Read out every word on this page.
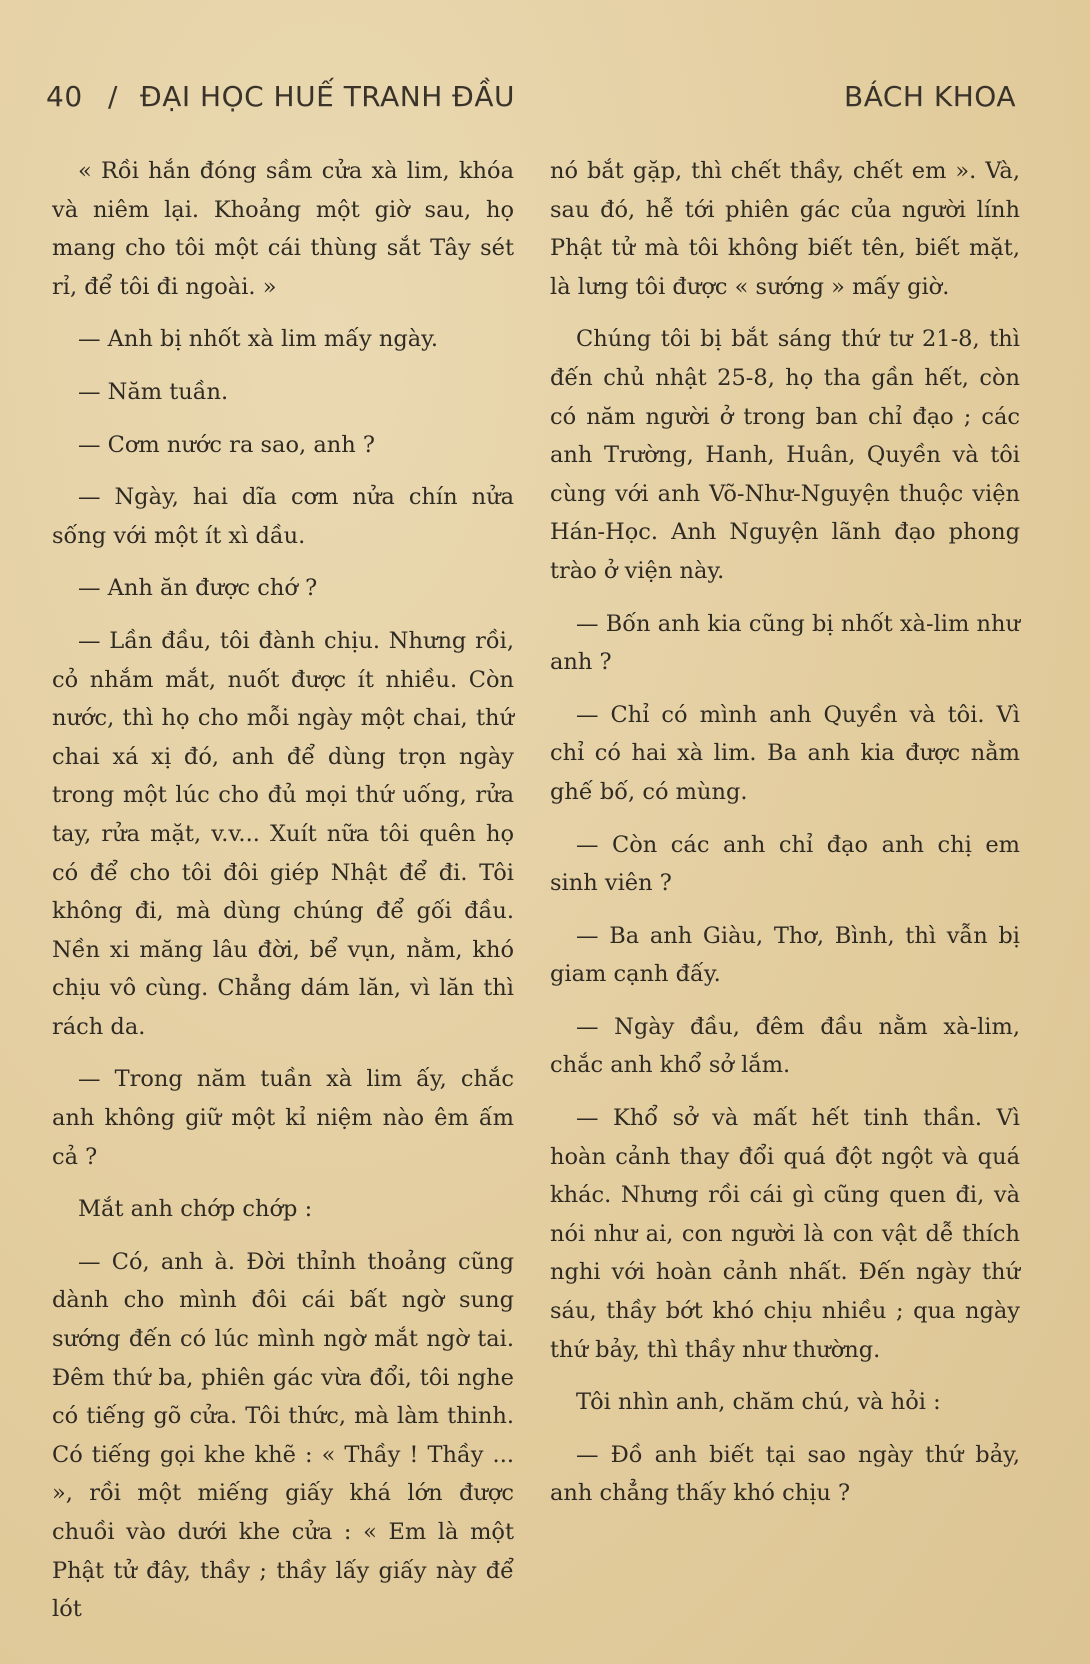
40 / ĐẠI HỌC HUẾ TRANH ĐẦU	BÁCH KHOA

« Rồi hắn đóng sầm cửa xà lim, khóa và niêm lại. Khoảng một giờ sau, họ mang cho tôi một cái thùng sắt Tây sét rỉ, để tôi đi ngoài. »

— Anh bị nhốt xà lim mấy ngày.

— Năm tuần.

— Cơm nước ra sao, anh ?

— Ngày, hai dĩa cơm nửa chín nửa sống với một ít xì dầu.

— Anh ăn được chớ ?

— Lần đầu, tôi đành chịu. Nhưng rồi, cỏ nhắm mắt, nuốt được ít nhiều. Còn nước, thì họ cho mỗi ngày một chai, thứ chai xá xị đó, anh để dùng trọn ngày trong một lúc cho đủ mọi thứ uống, rửa tay, rửa mặt, v.v... Xuít nữa tôi quên họ có để cho tôi đôi giép Nhật để đi. Tôi không đi, mà dùng chúng để gối đầu. Nền xi măng lâu đời, bể vụn, nằm, khó chịu vô cùng. Chẳng dám lăn, vì lăn thì rách da.

— Trong năm tuần xà lim ấy, chắc anh không giữ một kỉ niệm nào êm ấm cả ?

Mắt anh chớp chớp :

— Có, anh à. Đời thỉnh thoảng cũng dành cho mình đôi cái bất ngờ sung sướng đến có lúc mình ngờ mắt ngờ tai. Đêm thứ ba, phiên gác vừa đổi, tôi nghe có tiếng gõ cửa. Tôi thức, mà làm thinh. Có tiếng gọi khe khẽ : « Thầy ! Thầy ... », rồi một miếng giấy khá lớn được chuồi vào dưới khe cửa : « Em là một Phật tử đây, thầy ; thầy lấy giấy này để lót

nó bắt gặp, thì chết thầy, chết em ». Và, sau đó, hễ tới phiên gác của người lính Phật tử mà tôi không biết tên, biết mặt, là lưng tôi được « sướng » mấy giờ.

Chúng tôi bị bắt sáng thứ tư 21-8, thì đến chủ nhật 25-8, họ tha gần hết, còn có năm người ở trong ban chỉ đạo ; các anh Trường, Hanh, Huân, Quyền và tôi cùng với anh Võ-Như-Nguyện thuộc viện Hán-Học. Anh Nguyện lãnh đạo phong trào ở viện này.

— Bốn anh kia cũng bị nhốt xà-lim như anh ?

— Chỉ có mình anh Quyền và tôi. Vì chỉ có hai xà lim. Ba anh kia được nằm ghế bố, có mùng.

— Còn các anh chỉ đạo anh chị em sinh viên ?

— Ba anh Giàu, Thơ, Bình, thì vẫn bị giam cạnh đấy.

— Ngày đầu, đêm đầu nằm xà-lim, chắc anh khổ sở lắm.

— Khổ sở và mất hết tinh thần. Vì hoàn cảnh thay đổi quá đột ngột và quá khác. Nhưng rồi cái gì cũng quen đi, và nói như ai, con người là con vật dễ thích nghi với hoàn cảnh nhất. Đến ngày thứ sáu, thầy bớt khó chịu nhiều ; qua ngày thứ bảy, thì thầy như thường.

Tôi nhìn anh, chăm chú, và hỏi :

— Đồ anh biết tại sao ngày thứ bảy, anh chẳng thấy khó chịu ?
